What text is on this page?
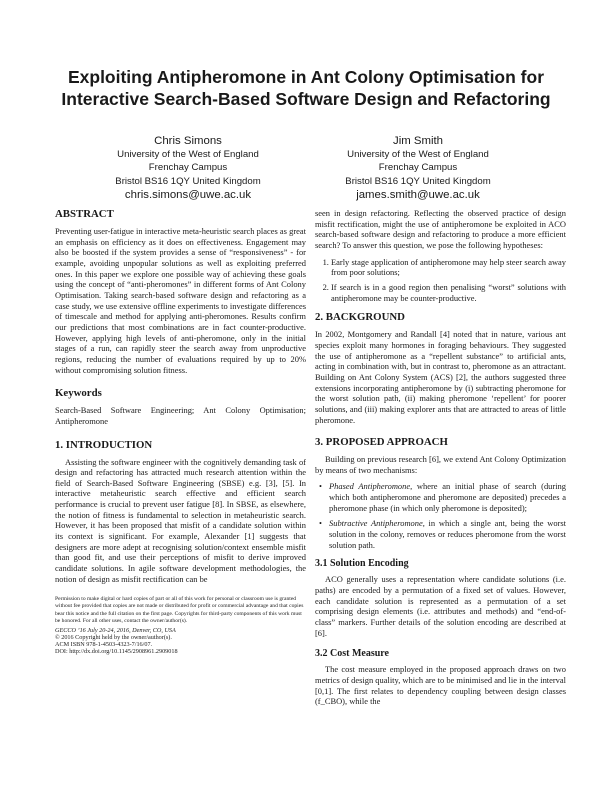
Exploiting Antipheromone in Ant Colony Optimisation for
Interactive Search-Based Software Design and Refactoring
Chris Simons
University of the West of England
Frenchay Campus
Bristol BS16 1QY United Kingdom
chris.simons@uwe.ac.uk
Jim Smith
University of the West of England
Frenchay Campus
Bristol BS16 1QY United Kingdom
james.smith@uwe.ac.uk
ABSTRACT

Preventing user-fatigue in interactive meta-heuristic search places as great an emphasis on efficiency as it does on effectiveness. Engagement may also be boosted if the system provides a sense of “responsiveness” - for example, avoiding unpopular solutions as well as exploiting preferred ones. In this paper we explore one possible way of achieving these goals using the concept of “anti-pheromones” in different forms of Ant Colony Optimisation. Taking search-based software design and refactoring as a case study, we use extensive offline experiments to investigate differences of timescale and method for applying anti-pheromones. Results confirm our predictions that most combinations are in fact counter-productive. However, applying high levels of anti-pheromone, only in the initial stages of a run, can rapidly steer the search away from unproductive regions, reducing the number of evaluations required by up to 20% without compromising solution fitness.

Keywords

Search-Based Software Engineering; Ant Colony Optimisation; Antipheromone

1. INTRODUCTION

Assisting the software engineer with the cognitively demanding task of design and refactoring has attracted much research attention within the field of Search-Based Software Engineering (SBSE) e.g. [3], [5]. In interactive metaheuristic search effective and efficient search performance is crucial to prevent user fatigue [8]. In SBSE, as elsewhere, the notion of fitness is fundamental to selection in metaheuristic search. However, it has been proposed that misfit of a candidate solution within its context is significant. For example, Alexander [1] suggests that designers are more adept at recognising solution/context ensemble misfit than good fit, and use their perceptions of misfit to derive improved candidate solutions. In agile software development methodologies, the notion of design as misfit rectification can be

Permission to make digital or hard copies of part or all of this work for personal or classroom use is granted without fee provided that copies are not made or distributed for profit or commercial advantage and that copies bear this notice and the full citation on the first page. Copyrights for third-party components of this work must be honored. For all other uses, contact the owner/author(s).

GECCO ’16 July 20-24, 2016, Denver, CO, USA

© 2016 Copyright held by the owner/author(s).

ACM ISBN 978-1-4503-4323-7/16/07.

DOI: http://dx.doi.org/10.1145/2908961.2909018

seen in design refactoring. Reflecting the observed practice of design misfit rectification, might the use of antipheromone be exploited in ACO search-based software design and refactoring to produce a more efficient search? To answer this question, we pose the following hypotheses:

1. Early stage application of antipheromone may help steer search away from poor solutions;
2. If search is in a good region then penalising “worst” solutions with antipheromone may be counter-productive.
2. BACKGROUND

In 2002, Montgomery and Randall [4] noted that in nature, various ant species exploit many hormones in foraging behaviours. They suggested the use of antipheromone as a “repellent substance” to artificial ants, acting in combination with, but in contrast to, pheromone as an attractant. Building on Ant Colony System (ACS) [2], the authors suggested three extensions incorporating antipheromone by (i) subtracting pheromone for the worst solution path, (ii) making pheromone ‘repellent’ for poorer solutions, and (iii) making explorer ants that are attracted to areas of little pheromone.

3. PROPOSED APPROACH

Building on previous research [6], we extend Ant Colony Optimization by means of two mechanisms:

• Phased Antipheromone, where an initial phase of search (during which both antipheromone and pheromone are deposited) precedes a pheromone phase (in which only pheromone is deposited);
• Subtractive Antipheromone, in which a single ant, being the worst solution in the colony, removes or reduces pheromone from the worst solution path.
3.1 Solution Encoding

ACO generally uses a representation where candidate solutions (i.e. paths) are encoded by a permutation of a fixed set of values. However, each candidate solution is represented as a permutation of a set comprising design elements (i.e. attributes and methods) and “end-of-class” markers. Further details of the solution encoding are described at [6].

3.2 Cost Measure

The cost measure employed in the proposed approach draws on two metrics of design quality, which are to be minimised and lie in the interval [0,1]. The first relates to dependency coupling between design classes (f_CBO), while the
